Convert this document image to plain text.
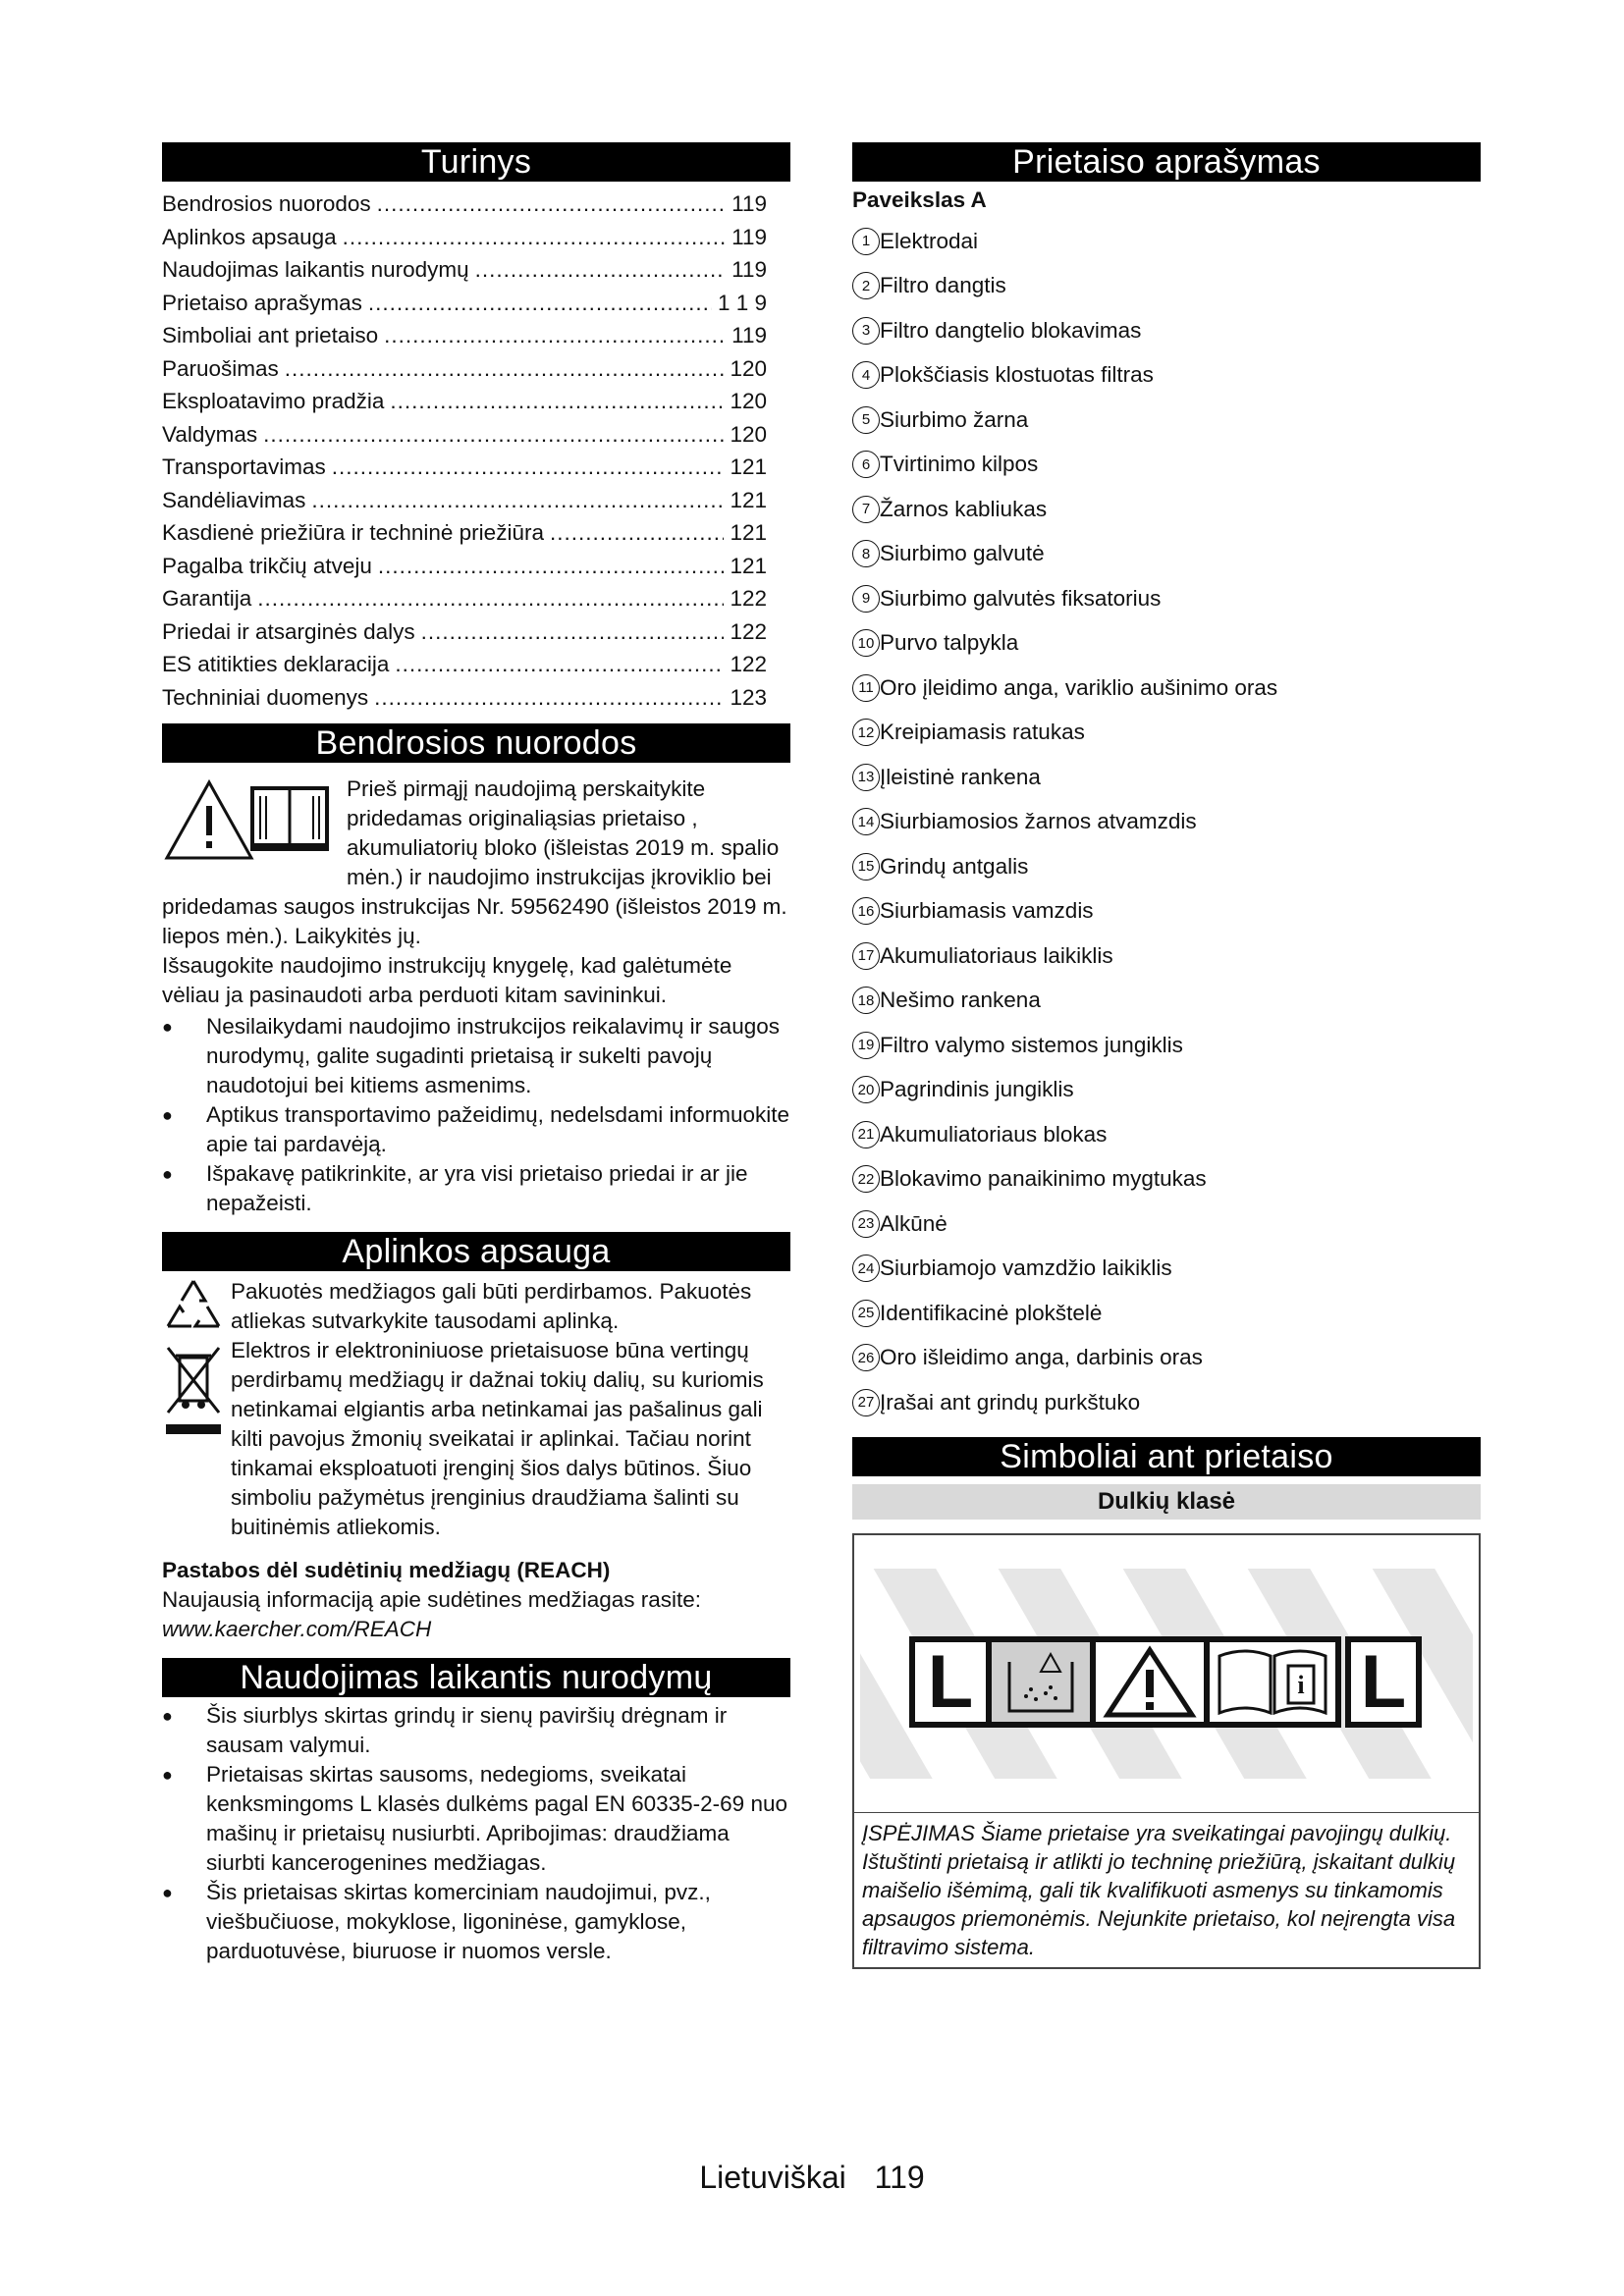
Turinys
Bendrosios nuorodos .....	119
Aplinkos apsauga .....	119
Naudojimas laikantis nurodymų .....	119
Prietaiso aprašymas .....	1 1 9
Simboliai ant prietaiso .....	119
Paruošimas .....	120
Eksploatavimo pradžia .....	120
Valdymas .....	120
Transportavimas .....	121
Sandėliavimas .....	121
Kasdienė priežiūra ir techninė priežiūra .....	121
Pagalba trikčių atveju .....	121
Garantija .....	122
Priedai ir atsarginės dalys .....	122
ES atitikties deklaracija .....	122
Techniniai duomenys .....	123
Bendrosios nuorodos

Prieš pirmąjį naudojimą perskaitykite pridedamas originaliąsias prietaiso , akumuliatorių bloko (išleistas 2019 m. spalio mėn.) ir naudojimo instrukcijas įkroviklio bei pridedamas saugos instrukcijas Nr. 59562490 (išleistos 2019 m. liepos mėn.). Laikykitės jų.

Išsaugokite naudojimo instrukcijų knygelę, kad galėtumėte vėliau ja pasinaudoti arba perduoti kitam savininkui.

● Nesilaikydami naudojimo instrukcijos reikalavimų ir saugos nurodymų, galite sugadinti prietaisą ir sukelti pavojų naudotojui bei kitiems asmenims.
● Aptikus transportavimo pažeidimų, nedelsdami informuokite apie tai pardavėją.
● Išpakavę patikrinkite, ar yra visi prietaiso priedai ir ar jie nepažeisti.
Aplinkos apsauga

Pakuotės medžiagos gali būti perdirbamos. Pakuotės atliekas sutvarkykite tausodami aplinką.

Elektros ir elektroniniuose prietaisuose būna vertingų perdirbamų medžiagų ir dažnai tokių dalių, su kuriomis netinkamai elgiantis arba netinkamai jas pašalinus gali kilti pavojus žmonių sveikatai ir aplinkai. Tačiau norint tinkamai eksploatuoti įrenginį šios dalys būtinos. Šiuo simboliu pažymėtus įrenginius draudžiama šalinti su buitinėmis atliekomis.

Pastabos dėl sudėtinių medžiagų (REACH)

Naujausią informaciją apie sudėtines medžiagas rasite:

www.kaercher.com/REACH

Naudojimas laikantis nurodymų
● Šis siurblys skirtas grindų ir sienų paviršių drėgnam ir sausam valymui.
● Prietaisas skirtas sausoms, nedegioms, sveikatai kenksmingoms L klasės dulkėms pagal EN 60335-2-69 nuo mašinų ir prietaisų nusiurbti. Apribojimas: draudžiama siurbti kancerogenines medžiagas.
● Šis prietaisas skirtas komerciniam naudojimui, pvz., viešbučiuose, mokyklose, ligoninėse, gamyklose, parduotuvėse, biuruose ir nuomos versle.
Prietaiso aprašymas

Paveikslas A

1 Elektrodai
2 Filtro dangtis
3 Filtro dangtelio blokavimas
4 Plokščiasis klostuotas filtras
5 Siurbimo žarna
6 Tvirtinimo kilpos
7 Žarnos kabliukas
8 Siurbimo galvutė
9 Siurbimo galvutės fiksatorius
10 Purvo talpykla
11 Oro įleidimo anga, variklio aušinimo oras
12 Kreipiamasis ratukas
13 Įleistinė rankena
14 Siurbiamosios žarnos atvamzdis
15 Grindų antgalis
16 Siurbiamasis vamzdis
17 Akumuliatoriaus laikiklis
18 Nešimo rankena
19 Filtro valymo sistemos jungiklis
20 Pagrindinis jungiklis
21 Akumuliatoriaus blokas
22 Blokavimo panaikinimo mygtukas
23 Alkūnė
24 Siurbiamojo vamzdžio laikiklis
25 Identifikacinė plokštelė
26 Oro išleidimo anga, darbinis oras
27 Įrašai ant grindų purkštuko
Simboliai ant prietaiso
Dulkių klasė
L	i L
ĮSPĖJIMAS Šiame prietaise yra sveikatingai pavojingų dulkių. Ištuštinti prietaisą ir atlikti jo techninę priežiūrą, įskaitant dulkių maišelio išėmimą, gali tik kvalifikuoti asmenys su tinkamomis apsaugos priemonėmis. Nejunkite prietaiso, kol neįrengta visa filtravimo sistema.
Lietuviškai 119
